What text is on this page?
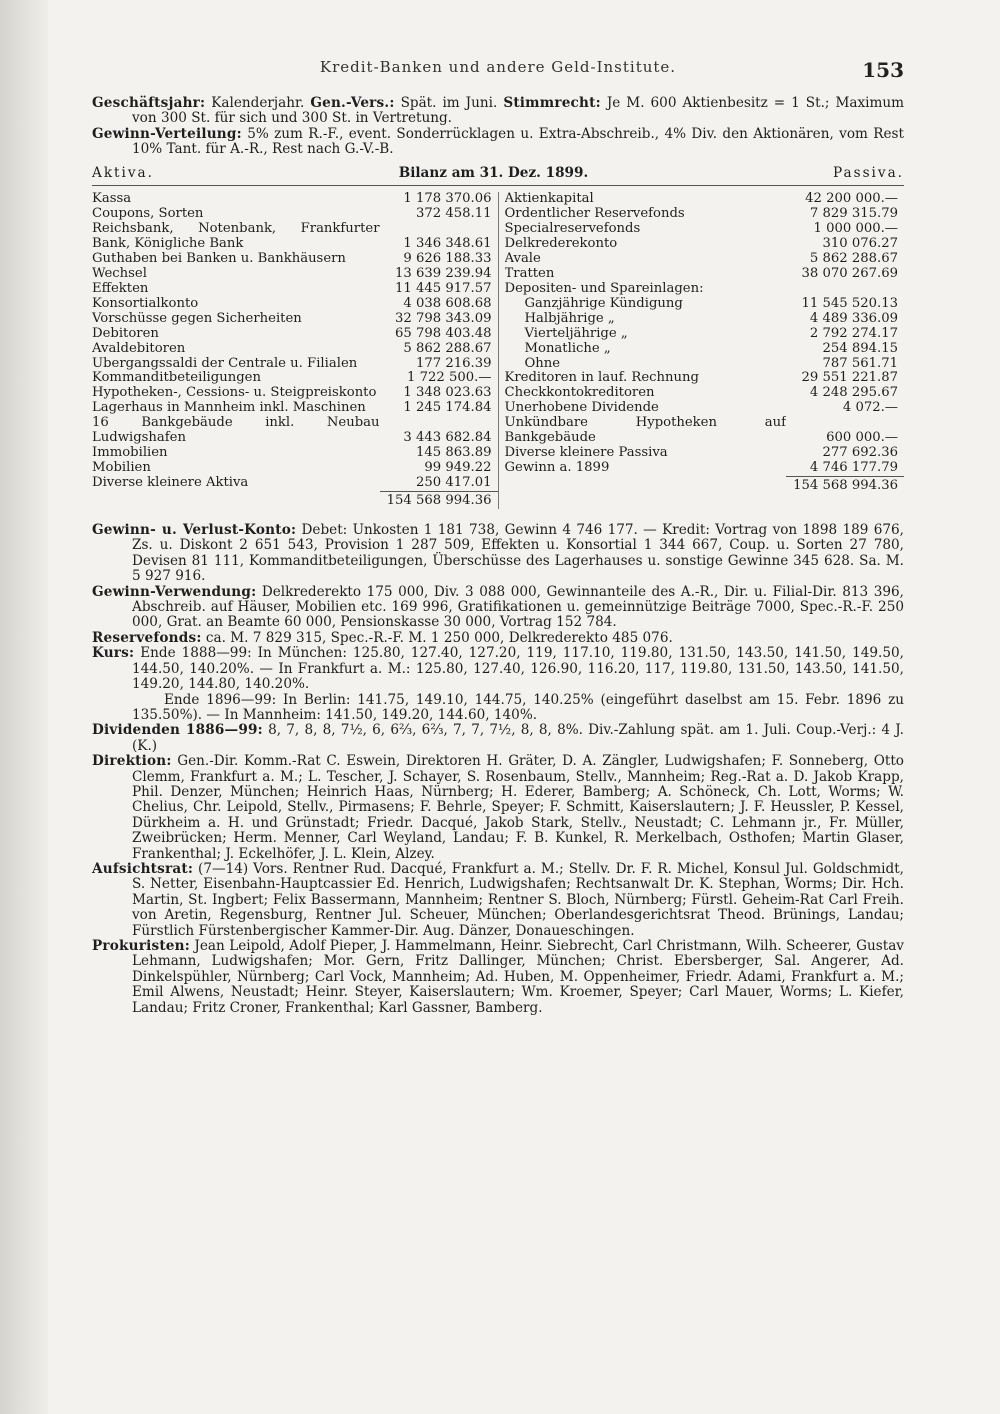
Kredit-Banken und andere Geld-Institute.	153

Geschäftsjahr: Kalenderjahr. Gen.-Vers.: Spät. im Juni. Stimmrecht: Je M. 600 Aktienbesitz = 1 St.; Maximum von 300 St. für sich und 300 St. in Vertretung.

Gewinn-Verteilung: 5% zum R.-F., event. Sonderrücklagen u. Extra-Abschreib., 4% Div. den Aktionären, vom Rest 10% Tant. für A.-R., Rest nach G.-V.-B.

Aktiva.	Bilanz am 31. Dez. 1899.	Passiva.
Kassa	1 178 370.06
Coupons, Sorten	372 458.11
Reichsbank, Notenbank, Frankfurter Bank, Königliche Bank	1 346 348.61
Guthaben bei Banken u. Bankhäusern	9 626 188.33
Wechsel	13 639 239.94
Effekten	11 445 917.57
Konsortialkonto	4 038 608.68
Vorschüsse gegen Sicherheiten	32 798 343.09
Debitoren	65 798 403.48
Avaldebitoren	5 862 288.67
Übergangssaldi der Centrale u. Filialen	177 216.39
Kommanditbeteiligungen	1 722 500.—
Hypotheken-, Cessions- u. Steigpreiskonto	1 348 023.63
Lagerhaus in Mannheim inkl. Maschinen	1 245 174.84
16 Bankgebäude inkl. Neubau Ludwigshafen	3 443 682.84
Immobilien	145 863.89
Mobilien	99 949.22
Diverse kleinere Aktiva	250 417.01
154 568 994.36
Aktienkapital	42 200 000.—
Ordentlicher Reservefonds	7 829 315.79
Specialreservefonds	1 000 000.—
Delkrederekonto	310 076.27
Avale	5 862 288.67
Tratten	38 070 267.69
Depositen- und Spareinlagen:
Ganzjährige Kündigung	11 545 520.13
Halbjährige „	4 489 336.09
Vierteljährige „	2 792 274.17
Monatliche „	254 894.15
Ohne	787 561.71
Kreditoren in lauf. Rechnung	29 551 221.87
Checkkontokreditoren	4 248 295.67
Unerhobene Dividende	4 072.—
Unkündbare Hypotheken auf Bankgebäude	600 000.—
Diverse kleinere Passiva	277 692.36
Gewinn a. 1899	4 746 177.79
154 568 994.36

Gewinn- u. Verlust-Konto: Debet: Unkosten 1 181 738, Gewinn 4 746 177. — Kredit: Vortrag von 1898 189 676, Zs. u. Diskont 2 651 543, Provision 1 287 509, Effekten u. Konsortial 1 344 667, Coup. u. Sorten 27 780, Devisen 81 111, Kommanditbeteiligungen, Überschüsse des Lagerhauses u. sonstige Gewinne 345 628. Sa. M. 5 927 916.

Gewinn-Verwendung: Delkrederekto 175 000, Div. 3 088 000, Gewinnanteile des A.-R., Dir. u. Filial-Dir. 813 396, Abschreib. auf Häuser, Mobilien etc. 169 996, Gratifikationen u. gemeinnützige Beiträge 7000, Spec.-R.-F. 250 000, Grat. an Beamte 60 000, Pensionskasse 30 000, Vortrag 152 784.

Reservefonds: ca. M. 7 829 315, Spec.-R.-F. M. 1 250 000, Delkrederekto 485 076.

Kurs: Ende 1888—99: In München: 125.80, 127.40, 127.20, 119, 117.10, 119.80, 131.50, 143.50, 141.50, 149.50, 144.50, 140.20%. — In Frankfurt a. M.: 125.80, 127.40, 126.90, 116.20, 117, 119.80, 131.50, 143.50, 141.50, 149.20, 144.80, 140.20%.

Ende 1896—99: In Berlin: 141.75, 149.10, 144.75, 140.25% (eingeführt daselbst am 15. Febr. 1896 zu 135.50%). — In Mannheim: 141.50, 149.20, 144.60, 140%.

Dividenden 1886—99: 8, 7, 8, 8, 7½, 6, 6⅔, 6⅔, 7, 7, 7½, 8, 8, 8%. Div.-Zahlung spät. am 1. Juli. Coup.-Verj.: 4 J. (K.)

Direktion: Gen.-Dir. Komm.-Rat C. Eswein, Direktoren H. Gräter, D. A. Zängler, Ludwigshafen; F. Sonneberg, Otto Clemm, Frankfurt a. M.; L. Tescher, J. Schayer, S. Rosenbaum, Stellv., Mannheim; Reg.-Rat a. D. Jakob Krapp, Phil. Denzer, München; Heinrich Haas, Nürnberg; H. Ederer, Bamberg; A. Schöneck, Ch. Lott, Worms; W. Chelius, Chr. Leipold, Stellv., Pirmasens; F. Behrle, Speyer; F. Schmitt, Kaiserslautern; J. F. Heussler, P. Kessel, Dürkheim a. H. und Grünstadt; Friedr. Dacqué, Jakob Stark, Stellv., Neustadt; C. Lehmann jr., Fr. Müller, Zweibrücken; Herm. Menner, Carl Weyland, Landau; F. B. Kunkel, R. Merkelbach, Osthofen; Martin Glaser, Frankenthal; J. Eckelhöfer, J. L. Klein, Alzey.

Aufsichtsrat: (7—14) Vors. Rentner Rud. Dacqué, Frankfurt a. M.; Stellv. Dr. F. R. Michel, Konsul Jul. Goldschmidt, S. Netter, Eisenbahn-Hauptcassier Ed. Henrich, Ludwigshafen; Rechtsanwalt Dr. K. Stephan, Worms; Dir. Hch. Martin, St. Ingbert; Felix Bassermann, Mannheim; Rentner S. Bloch, Nürnberg; Fürstl. Geheim-Rat Carl Freih. von Aretin, Regensburg, Rentner Jul. Scheuer, München; Oberlandesgerichtsrat Theod. Brünings, Landau; Fürstlich Fürstenbergischer Kammer-Dir. Aug. Dänzer, Donaueschingen.

Prokuristen: Jean Leipold, Adolf Pieper, J. Hammelmann, Heinr. Siebrecht, Carl Christmann, Wilh. Scheerer, Gustav Lehmann, Ludwigshafen; Mor. Gern, Fritz Dallinger, München; Christ. Ebersberger, Sal. Angerer, Ad. Dinkelspühler, Nürnberg; Carl Vock, Mannheim; Ad. Huben, M. Oppenheimer, Friedr. Adami, Frankfurt a. M.; Emil Alwens, Neustadt; Heinr. Steyer, Kaiserslautern; Wm. Kroemer, Speyer; Carl Mauer, Worms; L. Kiefer, Landau; Fritz Croner, Frankenthal; Karl Gassner, Bamberg.
